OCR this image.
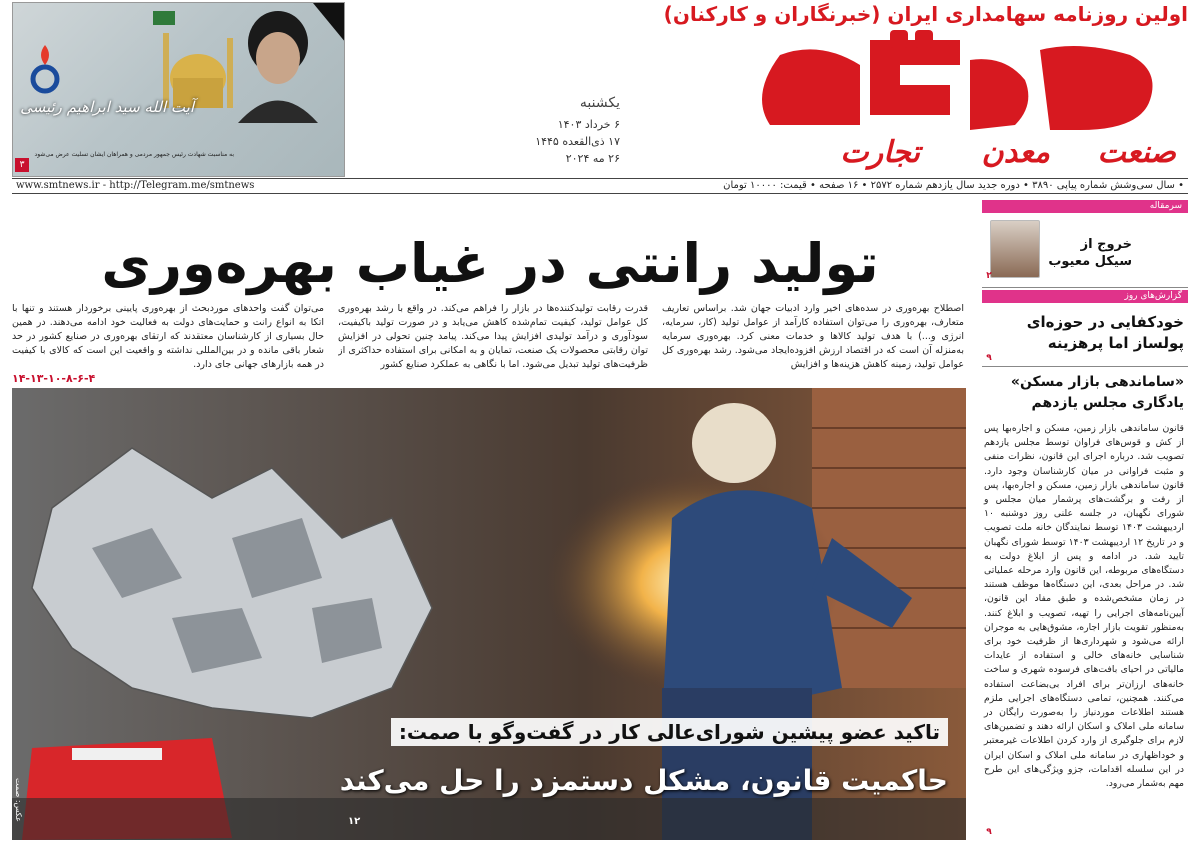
اولین روزنامه سهامداری ایران (خبرنگاران و کارکنان)
صنعت
معدن
تجارت
یکشنبه
۶ خرداد ۱۴۰۳
۱۷ ذی‌القعده ۱۴۴۵
۲۶ مه ۲۰۲۴
آیت الله سید ابراهیم رئیسی
به مناسبت شهادت رئیس جمهور مردمی و همراهان ایشان تسلیت عرض می‌شود
۳
• سال سی‌وشش شماره پیاپی ۳۸۹۰ • دوره جدید سال یازدهم شماره ۲۵۷۲ • ۱۶ صفحه • قیمت: ۱۰۰۰۰ تومان
www.smtnews.ir - http://Telegram.me/smtnews
تولید رانتی در غیاب بهره‌وری
اصطلاح بهره‌وری در سده‌های اخیر وارد ادبیات جهان شد. براساس تعاریف متعارف، بهره‌وری را می‌توان استفاده کارآمد از عوامل تولید (کار، سرمایه، انرژی و...) با هدف تولید کالاها و خدمات معنی کرد. بهره‌وری سرمایه به‌منزله آن است که در اقتصاد ارزش افزوده‌ایجاد می‌شود. رشد بهره‌وری کل عوامل تولید، زمینه کاهش هزینه‌ها و افزایش
قدرت رقابت تولیدکننده‌ها در بازار را فراهم می‌کند. در واقع با رشد بهره‌وری کل عوامل تولید، کیفیت تمام‌شده کاهش می‌یابد و در صورت تولید باکیفیت، سودآوری و درآمد تولیدی افزایش پیدا می‌کند. پیامد چنین تحولی در افزایش توان رقابتی محصولات یک صنعت، تمایان و به امکانی برای استفاده حداکثری از ظرفیت‌های تولید تبدیل می‌شود. اما با نگاهی به عملکرد صنایع کشور
می‌توان گفت واحدهای موردبحث از بهره‌وری پایینی برخوردار هستند و تنها با اتکا به انواع رانت و حمایت‌های دولت به فعالیت خود ادامه می‌دهند. در همین حال بسیاری از کارشناسان معتقدند که ارتقای بهره‌وری در صنایع کشور در حد شعار باقی مانده و در بین‌المللی نداشته و واقعیت این است که کالای با کیفیت در همه بازارهای جهانی جای دارد.
۱۴-۱۳-۱۰-۸-۶-۴
تاکید عضو پیشین شورای‌عالی کار در گفت‌و‌گو با صمت:
حاکمیت قانون، مشکل دستمزد را حل می‌کند
۱۲
عکس: صمت
سرمقاله
خروج از
سیکل معیوب
۲
گزارش‌های روز
خودکفایی در حوزه‌ای پولساز اما پرهزینه
۹
«ساماندهی بازار مسکن» یادگاری مجلس یازدهم
قانون ساماندهی بازار زمین، مسکن و اجاره‌بها پس از کش و قوس‌های فراوان توسط مجلس یازدهم تصویب شد. درباره اجرای این قانون، نظرات منفی و مثبت فراوانی در میان کارشناسان وجود دارد. قانون ساماندهی بازار زمین، مسکن و اجاره‌بها، پس از رفت و برگشت‌های پرشمار میان مجلس و شورای نگهبان، در جلسه علنی روز دوشنبه ۱۰ اردیبهشت ۱۴۰۳ توسط نمایندگان خانه ملت تصویب و در تاریخ ۱۲ اردیبهشت ۱۴۰۳ توسط شورای نگهبان تایید شد. در ادامه و پس از ابلاغ دولت به دستگاه‌های مربوطه، این قانون وارد مرحله عملیاتی شد. در مراحل بعدی، این دستگاه‌ها موظف هستند در زمان مشخص‌شده و طبق مفاد این قانون، آیین‌نامه‌های اجرایی را تهیه، تصویب و ابلاغ کنند. به‌منظور تقویت بازار اجاره، مشوق‌هایی به موجران ارائه می‌شود و شهرداری‌ها از ظرفیت خود برای شناسایی خانه‌های خالی و استفاده از عایدات مالیاتی در احیای بافت‌های فرسوده شهری و ساخت خانه‌های ارزان‌تر برای افراد بی‌بضاعت استفاده می‌کنند. همچنین، تمامی دستگاه‌های اجرایی ملزم هستند اطلاعات موردنیاز را به‌صورت رایگان در سامانه ملی املاک و اسکان ارائه دهند و تضمین‌های لازم برای جلوگیری از وارد کردن اطلاعات غیرمعتبر و خوداظهاری در سامانه ملی املاک و اسکان ایران در این سلسله اقدامات، جزو ویژگی‌های این طرح مهم به‌شمار می‌رود.
۹
